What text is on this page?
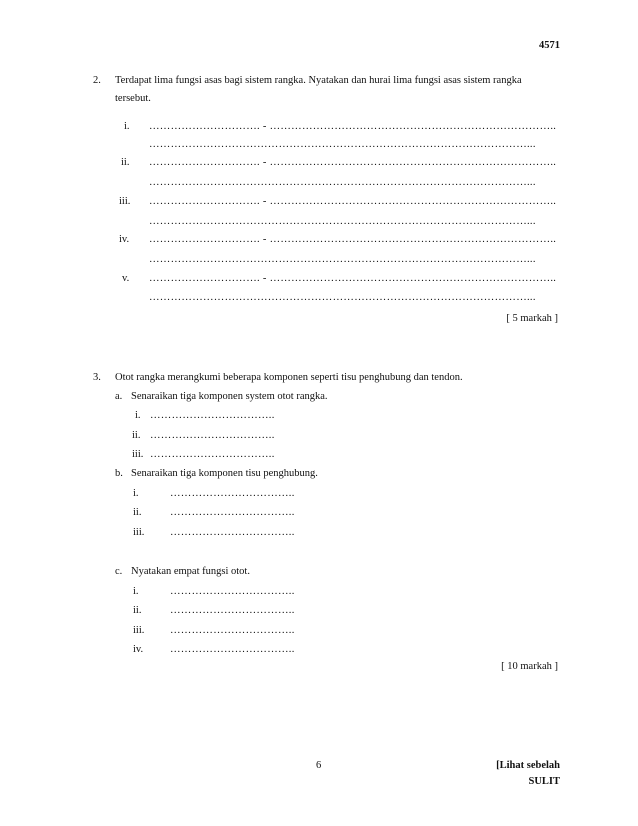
4571
2. Terdapat lima fungsi asas bagi sistem rangka. Nyatakan dan hurai lima fungsi asas sistem rangka
tersebut.
i. …………………………. - ……………………………………………………………………..
……………………………………………………………………………………………...
ii. …………………………. - ……………………………………………………………………..
……………………………………………………………………………………………...
iii. …………………………. - ……………………………………………………………………..
……………………………………………………………………………………………...
iv. …………………………. - ……………………………………………………………………..
……………………………………………………………………………………………...
v. …………………………. - ……………………………………………………………………..
……………………………………………………………………………………………...
[ 5 markah ]
3. Otot rangka merangkumi beberapa komponen seperti tisu penghubung dan tendon.
a. Senaraikan tiga komponen system otot rangka.
i. ……………………………..
ii. ……………………………..
iii. ……………………………..
b. Senaraikan tiga komponen tisu penghubung.
i.	……………………………..
ii.	……………………………..
iii. ……………………………..
c. Nyatakan empat fungsi otot.
i.	……………………………..
ii.	……………………………..
iii. ……………………………..
iv.	……………………………..
[ 10 markah ]
6	[Lihat sebelah
SULIT
